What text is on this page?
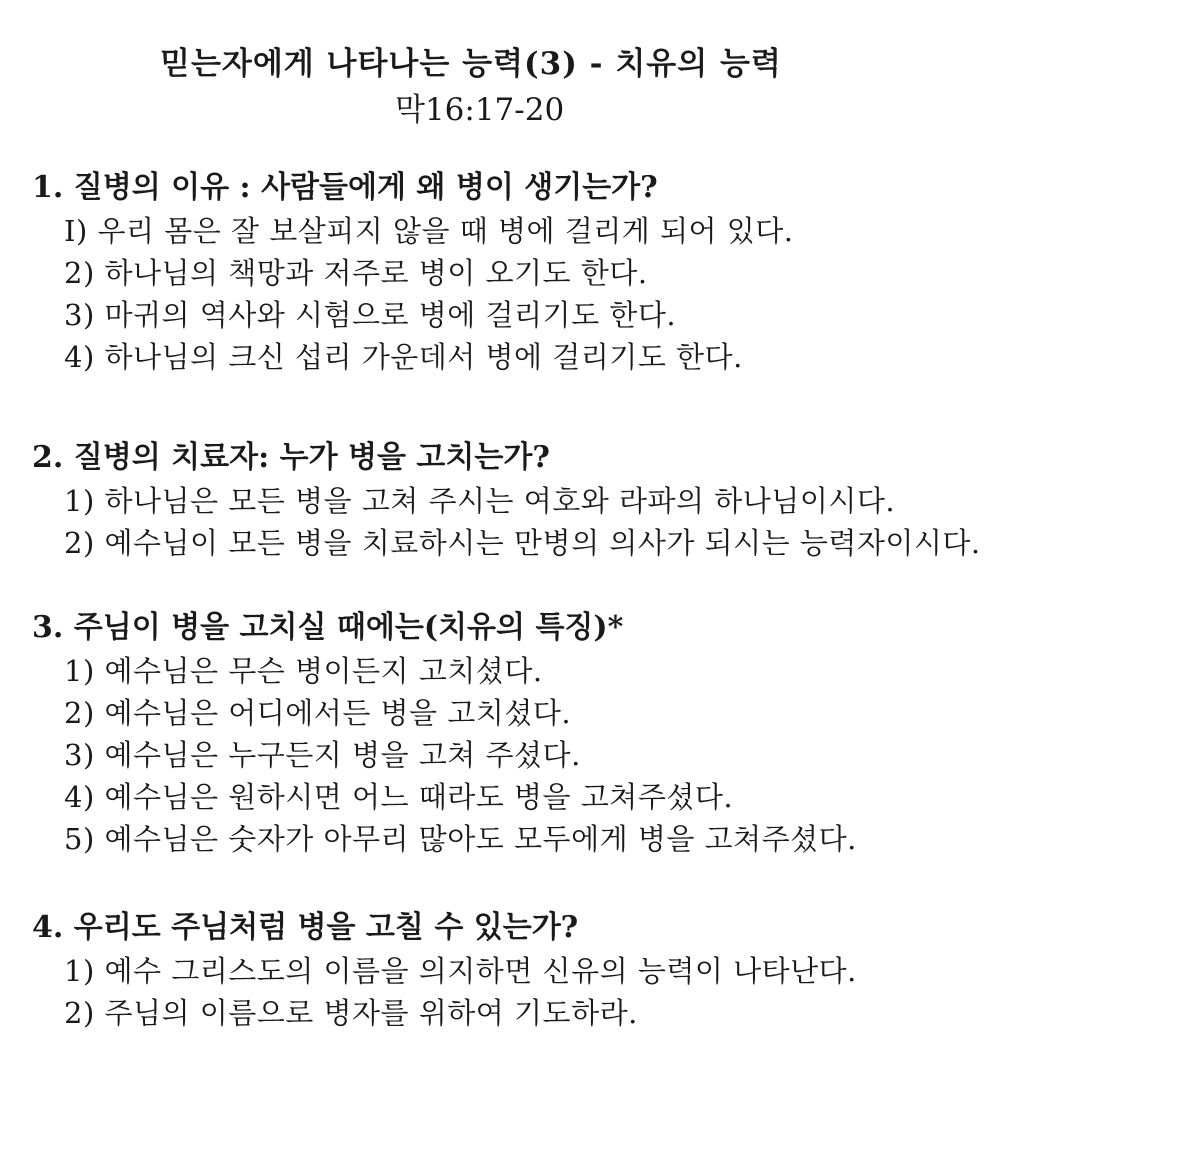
믿는자에게 나타나는 능력(3) - 치유의 능력
막16:17-20
1. 질병의 이유 : 사람들에게 왜 병이 생기는가?
I) 우리 몸은 잘 보살피지 않을 때 병에 걸리게 되어 있다.
2) 하나님의 책망과 저주로 병이 오기도 한다.
3) 마귀의 역사와 시험으로 병에 걸리기도 한다.
4) 하나님의 크신 섭리 가운데서 병에 걸리기도 한다.
2. 질병의 치료자: 누가 병을 고치는가?
1) 하나님은 모든 병을 고쳐 주시는 여호와 라파의 하나님이시다.
2) 예수님이 모든 병을 치료하시는 만병의 의사가 되시는 능력자이시다.
3. 주님이 병을 고치실 때에는(치유의 특징)*
1) 예수님은 무슨 병이든지 고치셨다.
2) 예수님은 어디에서든 병을 고치셨다.
3) 예수님은 누구든지 병을 고쳐 주셨다.
4) 예수님은 원하시면 어느 때라도 병을 고쳐주셨다.
5) 예수님은 숫자가 아무리 많아도 모두에게 병을 고쳐주셨다.
4. 우리도 주님처럼 병을 고칠 수 있는가?
1) 예수 그리스도의 이름을 의지하면 신유의 능력이 나타난다.
2) 주님의 이름으로 병자를 위하여 기도하라.
